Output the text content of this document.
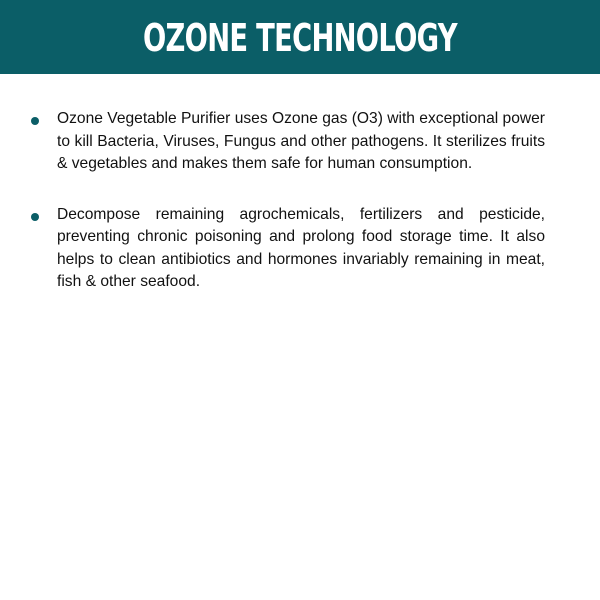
OZONE TECHNOLOGY
Ozone Vegetable Purifier uses Ozone gas (O3) with exceptional power to kill Bacteria, Viruses, Fungus and other pathogens. It sterilizes fruits & vegetables and makes them safe for human consumption.
Decompose remaining agrochemicals, fertilizers and pesticide, preventing chronic poisoning and prolong food storage time. It also helps to clean antibiotics and hormones invariably remaining in meat, fish & other seafood.
